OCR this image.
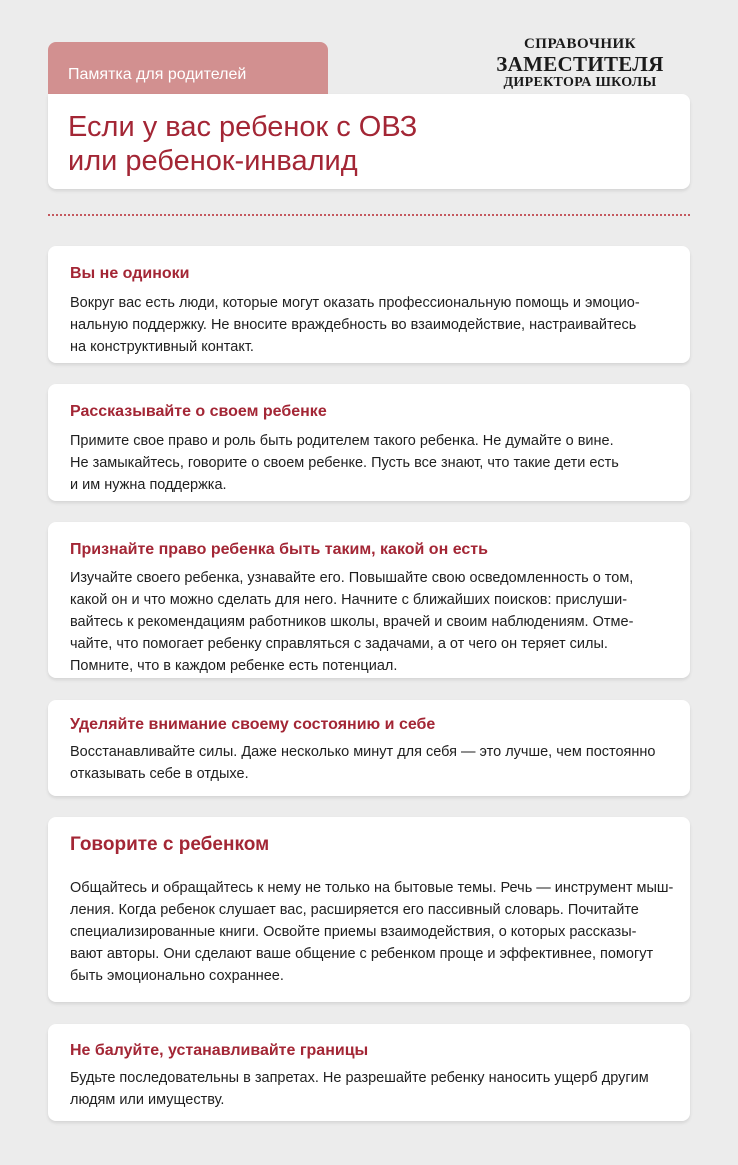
Памятка для родителей
Если у вас ребенок с ОВЗ
или ребенок-инвалид
СПРАВОЧНИК
ЗАМЕСТИТЕЛЯ
ДИРЕКТОРА ШКОЛЫ
Вы не одиноки

Вокруг вас есть люди, которые могут оказать профессиональную помощь и эмоцио-
нальную поддержку. Не вносите враждебность во взаимодействие, настраивайтесь
на конструктивный контакт.

Рассказывайте о своем ребенке

Примите свое право и роль быть родителем такого ребенка. Не думайте о вине.
Не замыкайтесь, говорите о своем ребенке. Пусть все знают, что такие дети есть
и им нужна поддержка.

Признайте право ребенка быть таким, какой он есть

Изучайте своего ребенка, узнавайте его. Повышайте свою осведомленность о том,
какой он и что можно сделать для него. Начните с ближайших поисков: прислуши-
вайтесь к рекомендациям работников школы, врачей и своим наблюдениям. Отме-
чайте, что помогает ребенку справляться с задачами, а от чего он теряет силы.
Помните, что в каждом ребенке есть потенциал.

Уделяйте внимание своему состоянию и себе

Восстанавливайте силы. Даже несколько минут для себя — это лучше, чем постоянно
отказывать себе в отдыхе.

Говорите с ребенком

Общайтесь и обращайтесь к нему не только на бытовые темы. Речь — инструмент мыш-
ления. Когда ребенок слушает вас, расширяется его пассивный словарь. Почитайте
специализированные книги. Освойте приемы взаимодействия, о которых рассказы-
вают авторы. Они сделают ваше общение с ребенком проще и эффективнее, помогут
быть эмоционально сохраннее.

Не балуйте, устанавливайте границы

Будьте последовательны в запретах. Не разрешайте ребенку наносить ущерб другим
людям или имуществу.
